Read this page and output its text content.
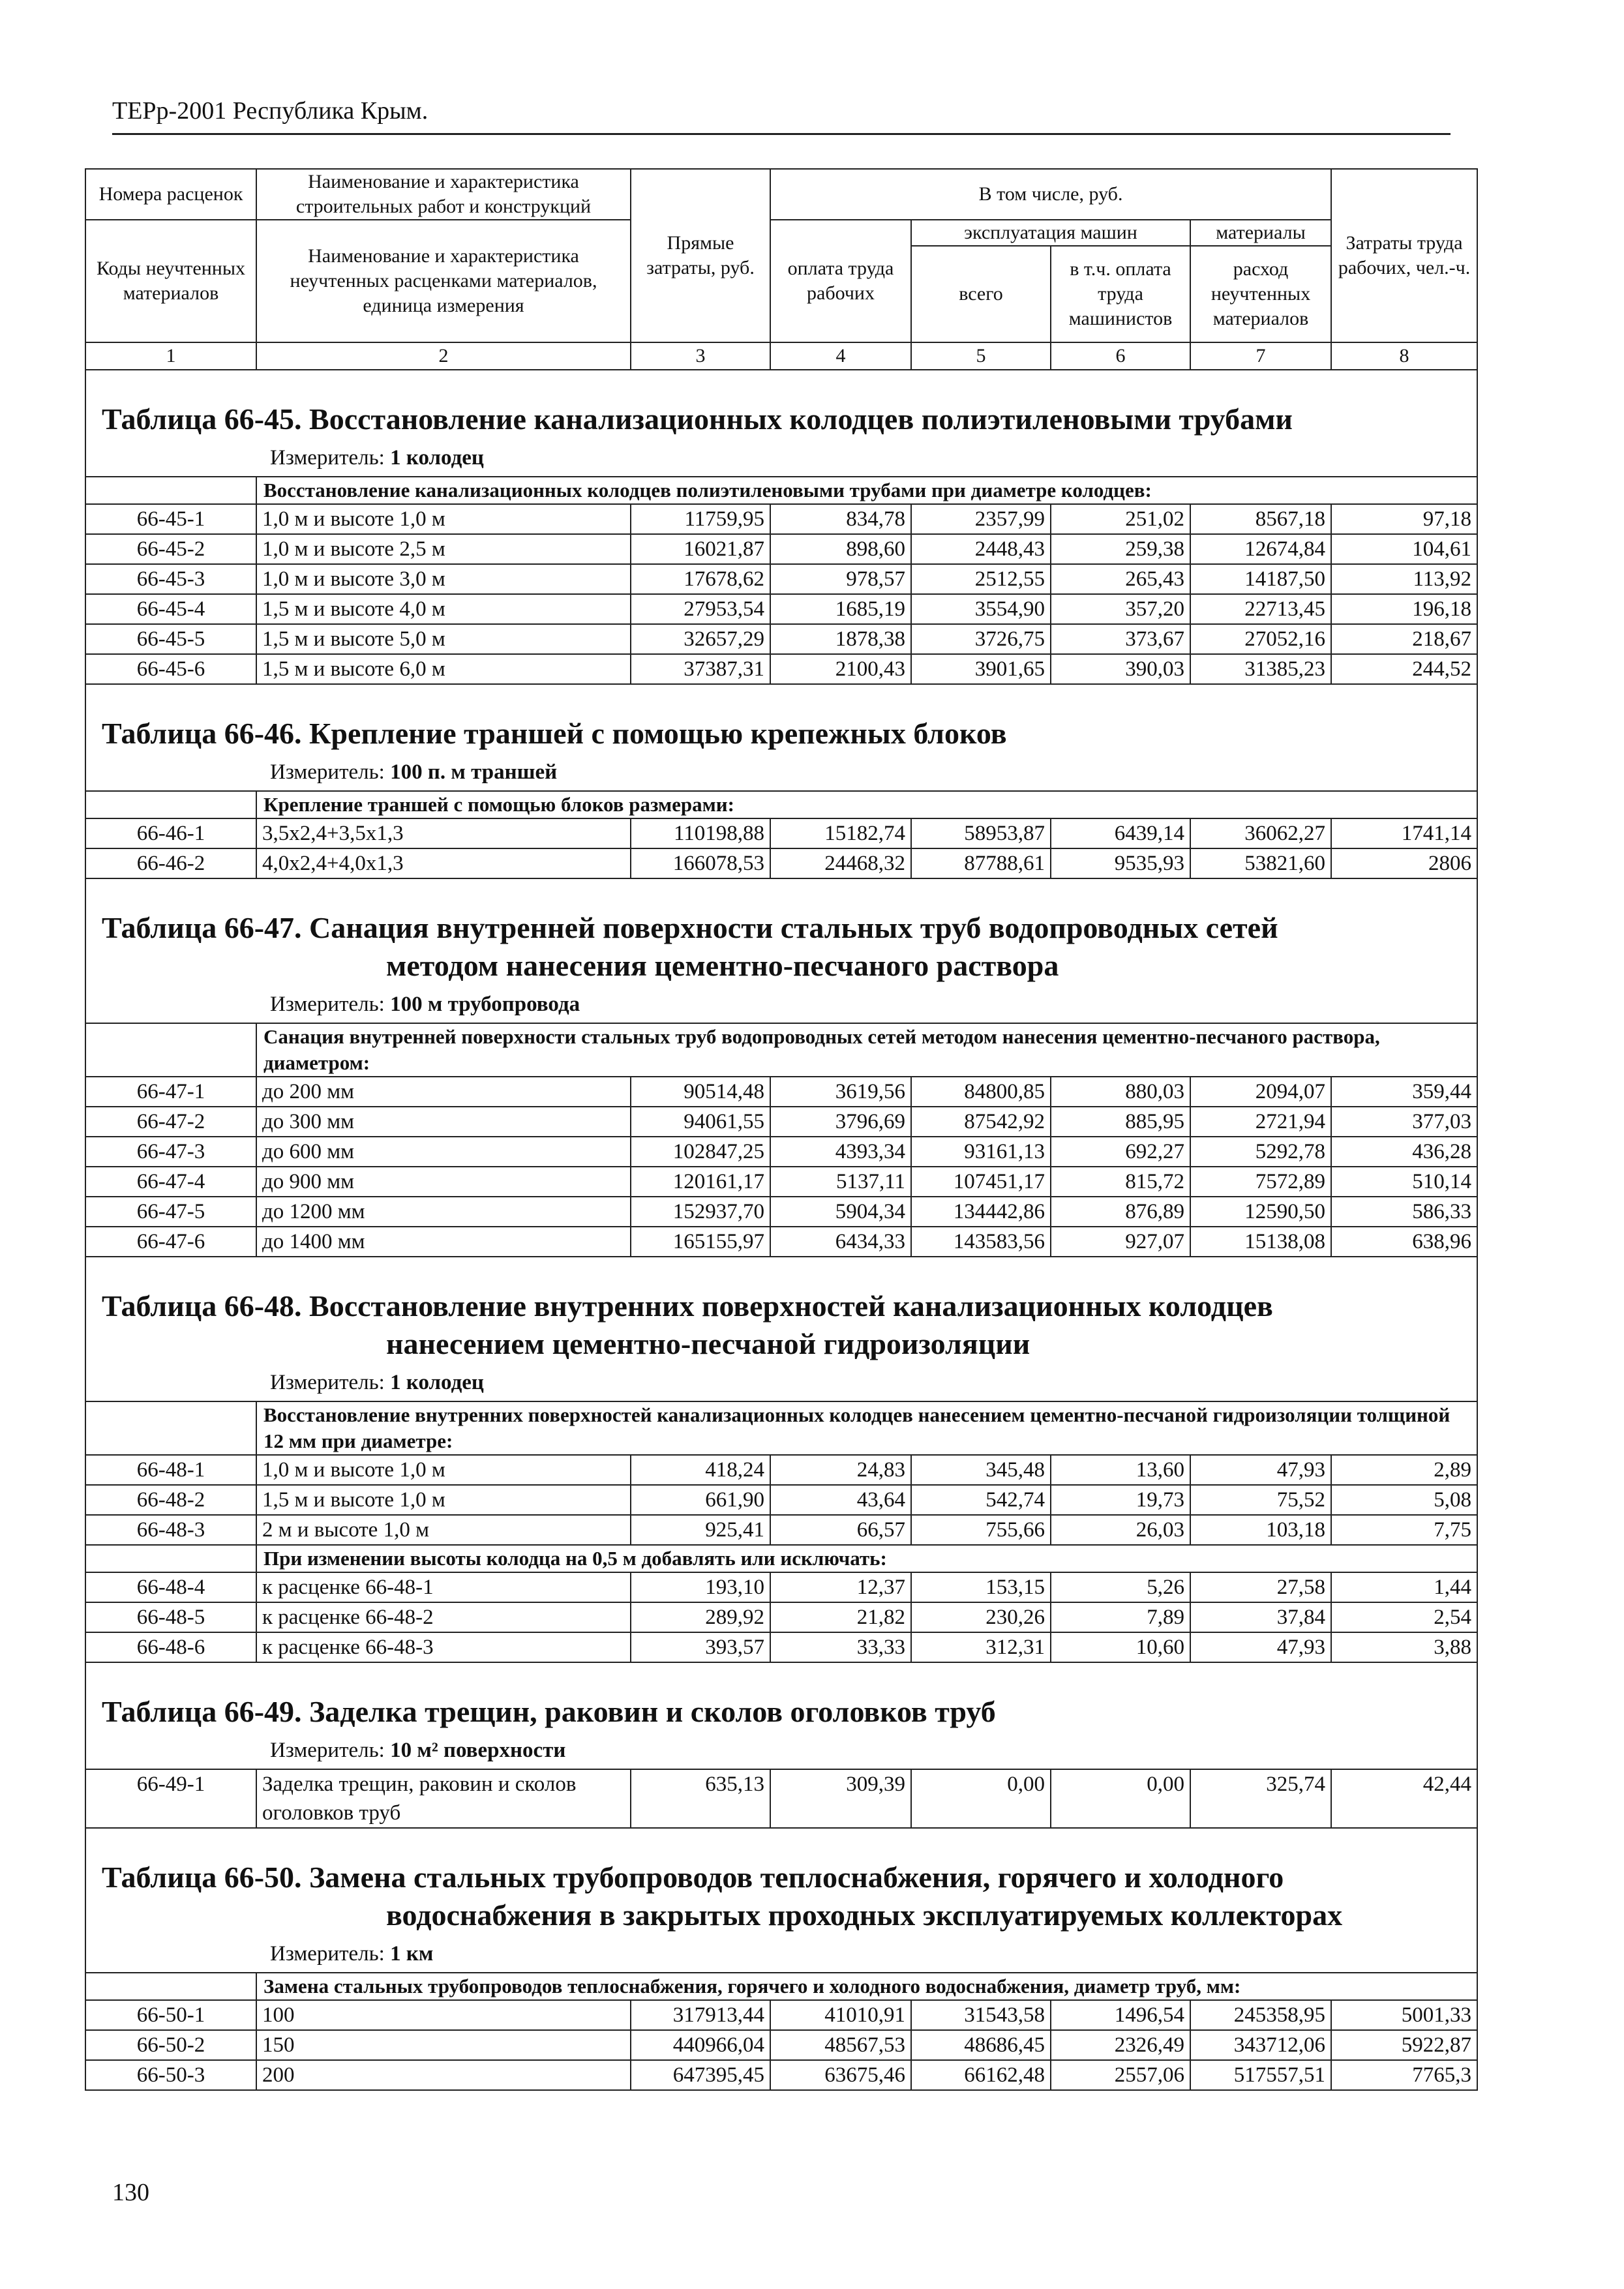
ТЕРр-2001 Республика Крым.
Номера расценок	Наименование и характеристика строительных работ и конструкций	Прямые затраты, руб.	В том числе, руб.				Затраты труда рабочих, чел.-ч.
Коды неучтенных материалов	Наименование и характеристика неучтенных расценками материалов, единица измерения		оплата труда рабочих	эксплуатация машин		материалы	
				всего	в т.ч. оплата труда машинистов	расход неучтенных материалов	
1	2	3	4	5	6	7	8

Таблица 66-45. Восстановление канализационных колодцев полиэтиленовыми трубами
Измеритель: 1 колодец							

	Восстановление канализационных колодцев полиэтиленовыми трубами при диаметре колодцев:						
66-45-1	1,0 м и высоте 1,0 м	11759,95	834,78	2357,99	251,02	8567,18	97,18
66-45-2	1,0 м и высоте 2,5 м	16021,87	898,60	2448,43	259,38	12674,84	104,61
66-45-3	1,0 м и высоте 3,0 м	17678,62	978,57	2512,55	265,43	14187,50	113,92
66-45-4	1,5 м и высоте 4,0 м	27953,54	1685,19	3554,90	357,20	22713,45	196,18
66-45-5	1,5 м и высоте 5,0 м	32657,29	1878,38	3726,75	373,67	27052,16	218,67
66-45-6	1,5 м и высоте 6,0 м	37387,31	2100,43	3901,65	390,03	31385,23	244,52

Таблица 66-46. Крепление траншей с помощью крепежных блоков
Измеритель: 100 п. м траншей							

	Крепление траншей с помощью блоков размерами:						
66-46-1	3,5х2,4+3,5х1,3	110198,88	15182,74	58953,87	6439,14	36062,27	1741,14
66-46-2	4,0х2,4+4,0х1,3	166078,53	24468,32	87788,61	9535,93	53821,60	2806

Таблица 66-47. Санация внутренней поверхности стальных труб водопроводных сетей
методом нанесения цементно-песчаного раствора
Измеритель: 100 м трубопровода							

	Санация внутренней поверхности стальных труб водопроводных сетей методом нанесения цементно-песчаного раствора, диаметром:						
66-47-1	до 200 мм	90514,48	3619,56	84800,85	880,03	2094,07	359,44
66-47-2	до 300 мм	94061,55	3796,69	87542,92	885,95	2721,94	377,03
66-47-3	до 600 мм	102847,25	4393,34	93161,13	692,27	5292,78	436,28
66-47-4	до 900 мм	120161,17	5137,11	107451,17	815,72	7572,89	510,14
66-47-5	до 1200 мм	152937,70	5904,34	134442,86	876,89	12590,50	586,33
66-47-6	до 1400 мм	165155,97	6434,33	143583,56	927,07	15138,08	638,96

Таблица 66-48. Восстановление внутренних поверхностей канализационных колодцев
нанесением цементно-песчаной гидроизоляции
Измеритель: 1 колодец							

	Восстановление внутренних поверхностей канализационных колодцев нанесением цементно-песчаной гидроизоляции толщиной 12 мм при диаметре:						
66-48-1	1,0 м и высоте 1,0 м	418,24	24,83	345,48	13,60	47,93	2,89
66-48-2	1,5 м и высоте 1,0 м	661,90	43,64	542,74	19,73	75,52	5,08
66-48-3	2 м и высоте 1,0 м	925,41	66,57	755,66	26,03	103,18	7,75
	При изменении высоты колодца на 0,5 м добавлять или исключать:						
66-48-4	к расценке 66-48-1	193,10	12,37	153,15	5,26	27,58	1,44
66-48-5	к расценке 66-48-2	289,92	21,82	230,26	7,89	37,84	2,54
66-48-6	к расценке 66-48-3	393,57	33,33	312,31	10,60	47,93	3,88

Таблица 66-49. Заделка трещин, раковин и сколов оголовков труб
Измеритель: 10 м² поверхности							

66-49-1	Заделка трещин, раковин и сколов оголовков труб	635,13	309,39	0,00	0,00	325,74	42,44

Таблица 66-50. Замена стальных трубопроводов теплоснабжения, горячего и холодного
водоснабжения в закрытых проходных эксплуатируемых коллекторах
Измеритель: 1 км							

	Замена стальных трубопроводов теплоснабжения, горячего и холодного водоснабжения, диаметр труб, мм:						
66-50-1	100	317913,44	41010,91	31543,58	1496,54	245358,95	5001,33
66-50-2	150	440966,04	48567,53	48686,45	2326,49	343712,06	5922,87
66-50-3	200	647395,45	63675,46	66162,48	2557,06	517557,51	7765,3
130
